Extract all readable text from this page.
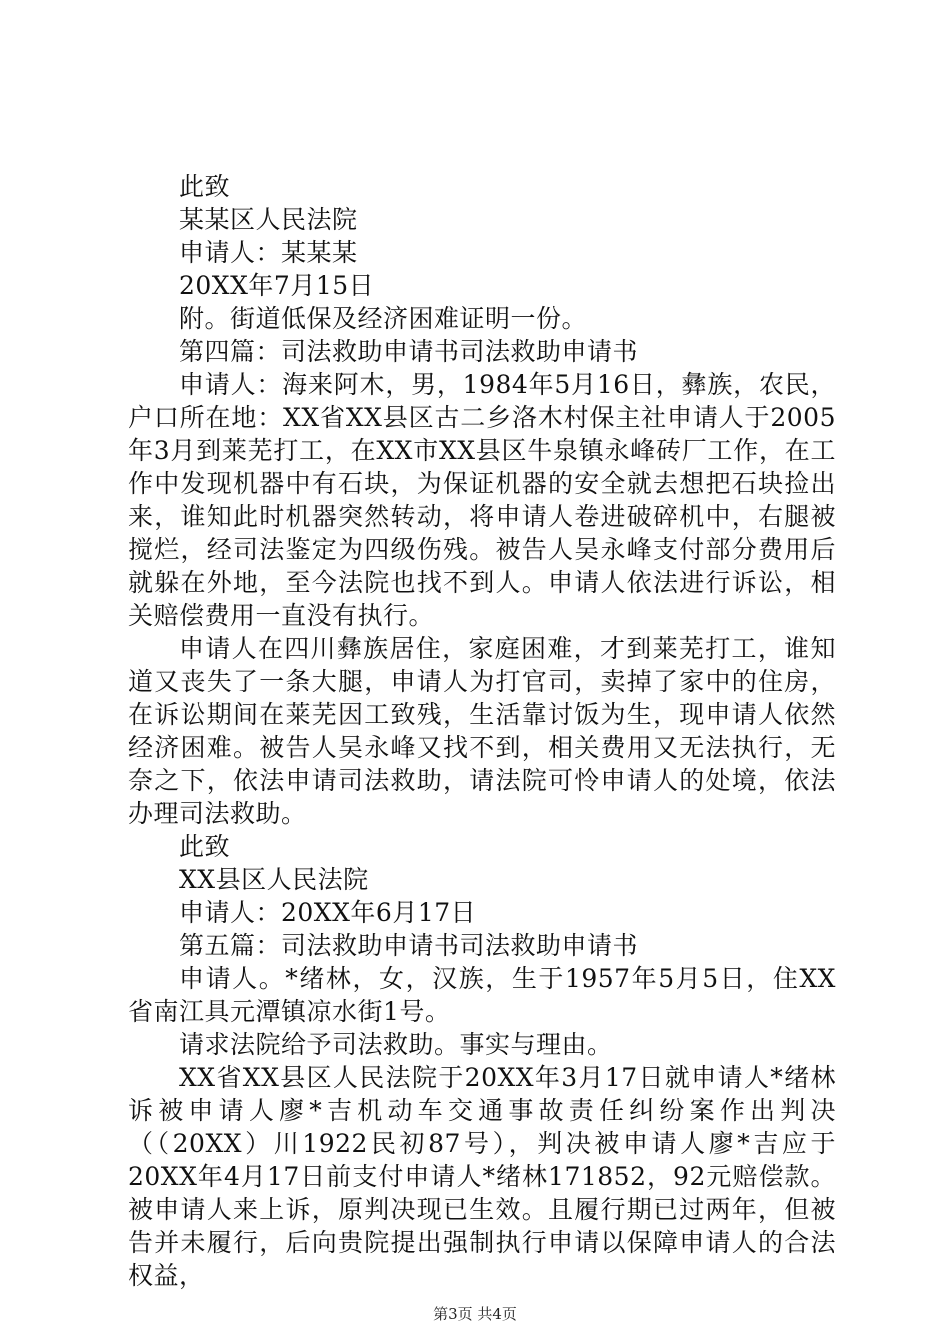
此致

某某区人民法院

申请人：某某某

20XX年7月15日

附。街道低保及经济困难证明一份。

第四篇：司法救助申请书司法救助申请书

申请人：海来阿木，男，1984年5月16日，彝族，农民，户口所在地：XX省XX县区古二乡洛木村保主社申请人于2005年3月到莱芜打工，在XX市XX县区牛泉镇永峰砖厂工作，在工作中发现机器中有石块，为保证机器的安全就去想把石块捡出来，谁知此时机器突然转动，将申请人卷进破碎机中，右腿被搅烂，经司法鉴定为四级伤残。被告人吴永峰支付部分费用后就躲在外地，至今法院也找不到人。申请人依法进行诉讼，相关赔偿费用一直没有执行。

申请人在四川彝族居住，家庭困难，才到莱芜打工，谁知道又丧失了一条大腿，申请人为打官司，卖掉了家中的住房，在诉讼期间在莱芜因工致残，生活靠讨饭为生，现申请人依然经济困难。被告人吴永峰又找不到，相关费用又无法执行，无奈之下，依法申请司法救助，请法院可怜申请人的处境，依法办理司法救助。

此致

XX县区人民法院

申请人：20XX年6月17日

第五篇：司法救助申请书司法救助申请书

申请人。*绪林，女，汉族，生于1957年5月5日，住XX省南江具元潭镇凉水街1号。

请求法院给予司法救助。事实与理由。

XX省XX县区人民法院于20XX年3月17日就申请人*绪林诉被申请人廖*吉机动车交通事故责任纠纷案作出判决（（20XX）川1922民初87号），判决被申请人廖*吉应于20XX年4月17日前支付申请人*绪林171852，92元赔偿款。被申请人来上诉，原判决现已生效。且履行期已过两年，但被告并未履行，后向贵院提出强制执行申请以保障申请人的合法权益，

第3页 共4页
